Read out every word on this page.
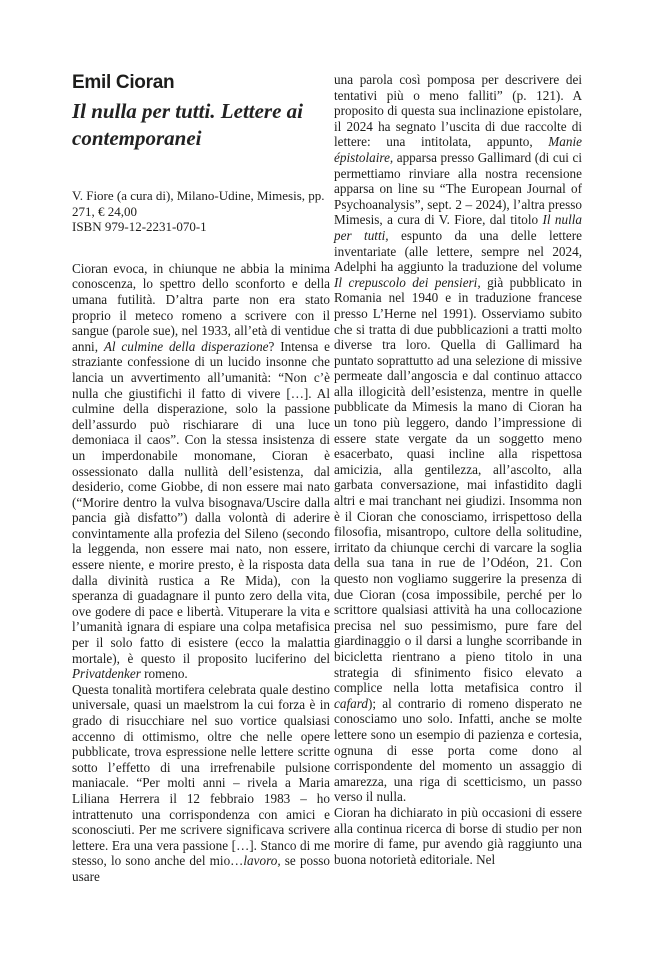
Emil Cioran
Il nulla per tutti. Lettere ai contemporanei
V. Fiore (a cura di), Milano-Udine, Mimesis, pp. 271, € 24,00
ISBN 979-12-2231-070-1

Cioran evoca, in chiunque ne abbia la minima conoscenza, lo spettro dello sconforto e della umana futilità. D’altra parte non era stato proprio il meteco romeno a scrivere con il sangue (parole sue), nel 1933, all’età di ventidue anni, Al culmine della disperazione? Intensa e straziante confessione di un lucido insonne che lancia un avvertimento all’umanità: “Non c’è nulla che giustifichi il fatto di vivere […]. Al culmine della disperazione, solo la passione dell’assurdo può rischiarare di una luce demoniaca il caos”. Con la stessa insistenza di un imperdonabile monomane, Cioran è ossessionato dalla nullità dell’esistenza, dal desiderio, come Giobbe, di non essere mai nato (“Morire dentro la vulva bisognava/Uscire dalla pancia già disfatto”) dalla volontà di aderire convintamente alla profezia del Sileno (secondo la leggenda, non essere mai nato, non essere, essere niente, e morire presto, è la risposta data dalla divinità rustica a Re Mida), con la speranza di guadagnare il punto zero della vita, ove godere di pace e libertà. Vituperare la vita e l’umanità ignara di espiare una colpa metafisica per il solo fatto di esistere (ecco la malattia mortale), è questo il proposito luciferino del Privatdenker romeno.

Questa tonalità mortifera celebrata quale destino universale, quasi un maelstrom la cui forza è in grado di risucchiare nel suo vortice qualsiasi accenno di ottimismo, oltre che nelle opere pubblicate, trova espressione nelle lettere scritte sotto l’effetto di una irrefrenabile pulsione maniacale. “Per molti anni – rivela a Maria Liliana Herrera il 12 febbraio 1983 – ho intrattenuto una corrispondenza con amici e sconosciuti. Per me scrivere significava scrivere lettere. Era una vera passione […]. Stanco di me stesso, lo sono anche del mio…lavoro, se posso usare

una parola così pomposa per descrivere dei tentativi più o meno falliti” (p. 121). A proposito di questa sua inclinazione epistolare, il 2024 ha segnato l’uscita di due raccolte di lettere: una intitolata, appunto, Manie épistolaire, apparsa presso Gallimard (di cui ci permettiamo rinviare alla nostra recensione apparsa on line su “The European Journal of Psychoanalysis”, sept. 2 – 2024), l’altra presso Mimesis, a cura di V. Fiore, dal titolo Il nulla per tutti, espunto da una delle lettere inventariate (alle lettere, sempre nel 2024, Adelphi ha aggiunto la traduzione del volume Il crepuscolo dei pensieri, già pubblicato in Romania nel 1940 e in traduzione francese presso L’Herne nel 1991). Osserviamo subito che si tratta di due pubblicazioni a tratti molto diverse tra loro. Quella di Gallimard ha puntato soprattutto ad una selezione di missive permeate dall’angoscia e dal continuo attacco alla illogicità dell’esistenza, mentre in quelle pubblicate da Mimesis la mano di Cioran ha un tono più leggero, dando l’impressione di essere state vergate da un soggetto meno esacerbato, quasi incline alla rispettosa amicizia, alla gentilezza, all’ascolto, alla garbata conversazione, mai infastidito dagli altri e mai tranchant nei giudizi. Insomma non è il Cioran che conosciamo, irrispettoso della filosofia, misantropo, cultore della solitudine, irritato da chiunque cerchi di varcare la soglia della sua tana in rue de l’Odéon, 21. Con questo non vogliamo suggerire la presenza di due Cioran (cosa impossibile, perché per lo scrittore qualsiasi attività ha una collocazione precisa nel suo pessimismo, pure fare del giardinaggio o il darsi a lunghe scorribande in bicicletta rientrano a pieno titolo in una strategia di sfinimento fisico elevato a complice nella lotta metafisica contro il cafard); al contrario di romeno disperato ne conosciamo uno solo. Infatti, anche se molte lettere sono un esempio di pazienza e cortesia, ognuna di esse porta come dono al corrispondente del momento un assaggio di amarezza, una riga di scetticismo, un passo verso il nulla.

Cioran ha dichiarato in più occasioni di essere alla continua ricerca di borse di studio per non morire di fame, pur avendo già raggiunto una buona notorietà editoriale. Nel
